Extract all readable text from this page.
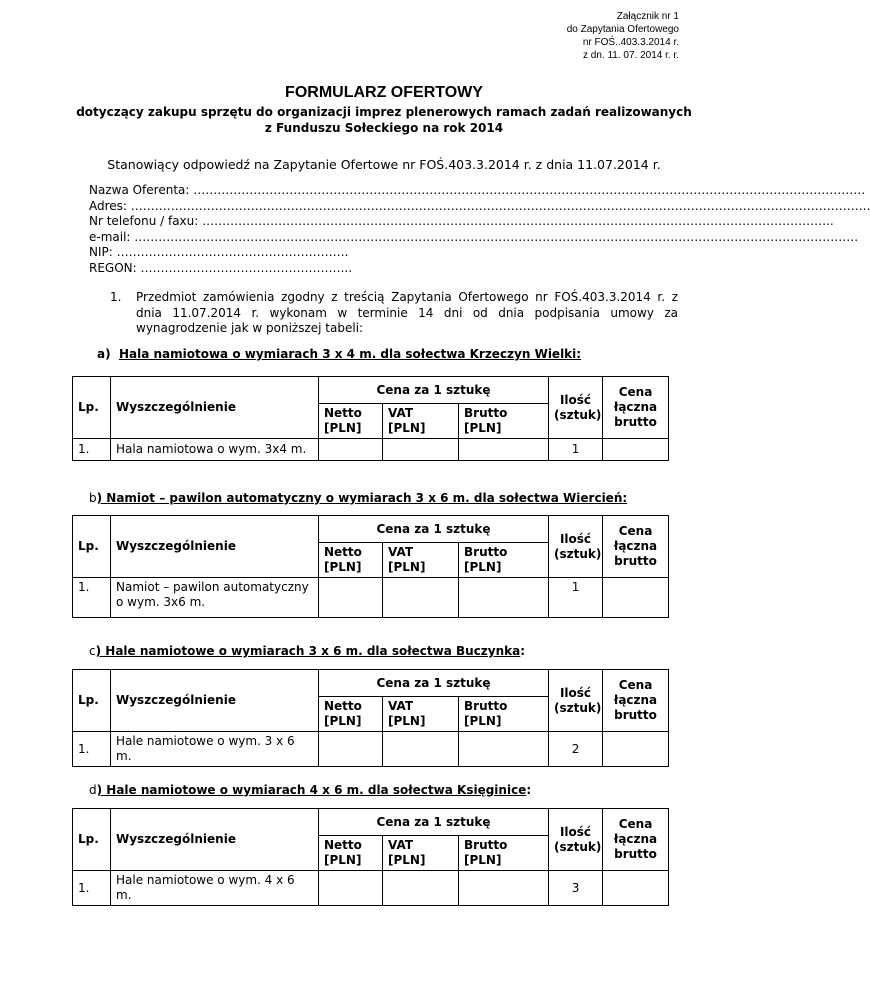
Załącznik nr 1
do Zapytania Ofertowego
nr FOŚ..403.3.2014 r.
z dn. 11. 07. 2014 r. r.
FORMULARZ OFERTOWY
dotyczący zakupu sprzętu do organizacji imprez plenerowych ramach zadań realizowanych
z Funduszu Sołeckiego na rok 2014
Stanowiący odpowiedź na Zapytanie Ofertowe nr FOŚ.403.3.2014 r. z dnia 11.07.2014 r.
Nazwa Oferenta: ……………………………………………………………………………………………………………………………………………………
Adres: …………………………………………………………………………………………………………………………………………………………………..
Nr telefonu / faxu: …………………………………………………………………………………………………………………………………………..
e-mail: ……………………………………………………………………………………………………………………………………………………………….
NIP: ………………………………………………….
REGON: ……………………………………………..
1. Przedmiot zamówienia zgodny z treścią Zapytania Ofertowego nr FOŚ.403.3.2014 r. z dnia 11.07.2014 r. wykonam w terminie 14 dni od dnia podpisania umowy za wynagrodzenie jak w poniższej tabeli:
a) Hala namiotowa o wymiarach 3 x 4 m. dla sołectwa Krzeczyn Wielki:
Lp.	Wyszczególnienie	Cena za 1 sztukę			Ilość (sztuk)	Cena łączna brutto
		Netto [PLN]	VAT [PLN]	Brutto [PLN]		
1.	Hala namiotowa o wym. 3x4 m.				1	
b) Namiot – pawilon automatyczny o wymiarach 3 x 6 m. dla sołectwa Wiercień:
Lp.	Wyszczególnienie	Cena za 1 sztukę			Ilość (sztuk)	Cena łączna brutto
		Netto [PLN]	VAT [PLN]	Brutto [PLN]		
1.	Namiot – pawilon automatyczny o wym. 3x6 m.				1	
c) Hale namiotowe o wymiarach 3 x 6 m. dla sołectwa Buczynka:
Lp.	Wyszczególnienie	Cena za 1 sztukę			Ilość (sztuk)	Cena łączna brutto
		Netto [PLN]	VAT [PLN]	Brutto [PLN]		
1.	Hale namiotowe o wym. 3 x 6 m.				2	
d) Hale namiotowe o wymiarach 4 x 6 m. dla sołectwa Księginice:
Lp.	Wyszczególnienie	Cena za 1 sztukę			Ilość (sztuk)	Cena łączna brutto
		Netto [PLN]	VAT [PLN]	Brutto [PLN]		
1.	Hale namiotowe o wym. 4 x 6 m.				3	
